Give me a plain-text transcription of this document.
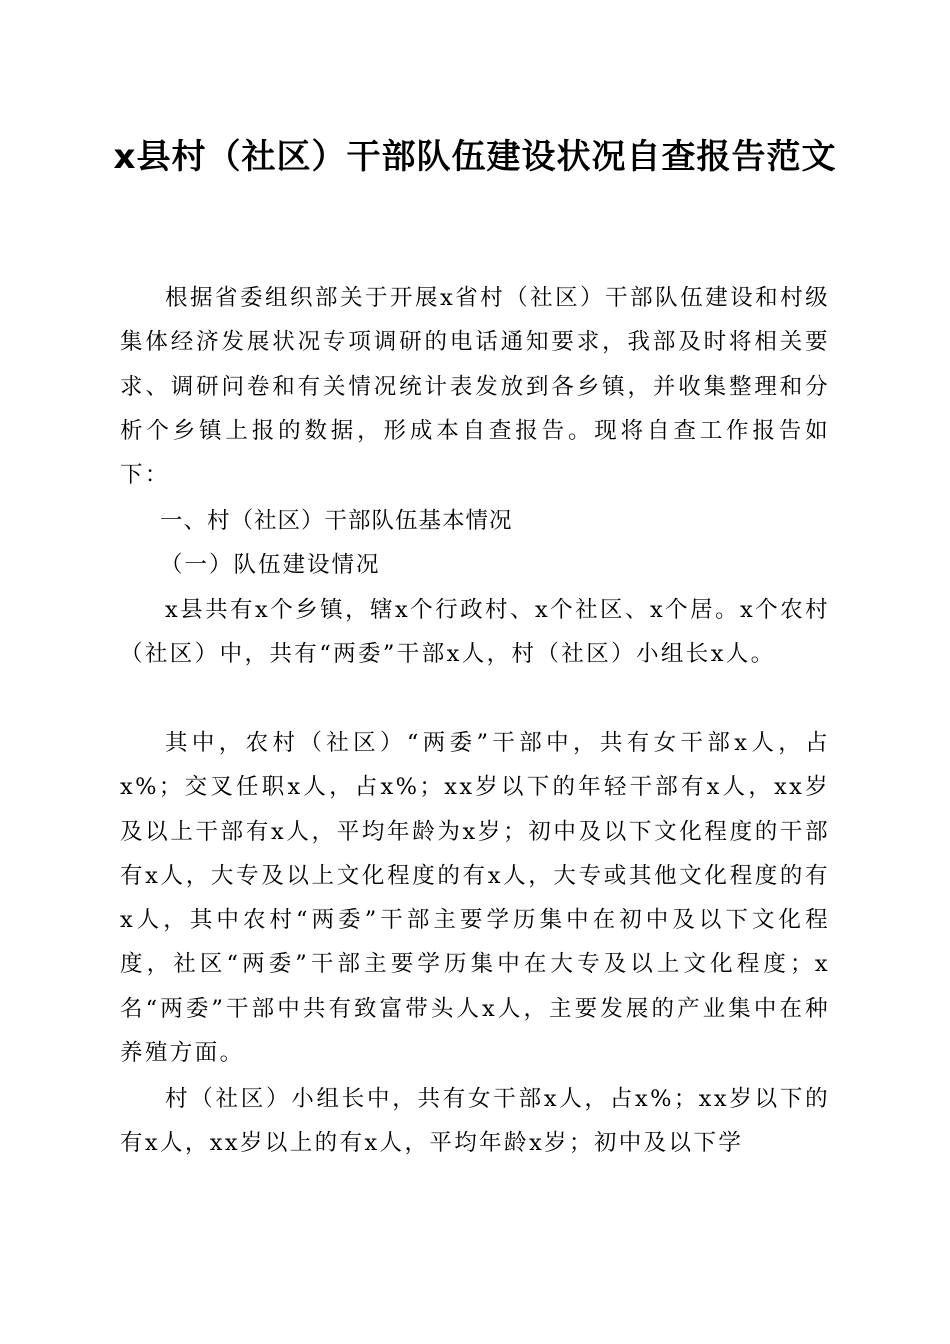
x县村（社区）干部队伍建设状况自查报告范文

根据省委组织部关于开展x省村（社区）干部队伍建设和村级集体经济发展状况专项调研的电话通知要求，我部及时将相关要求、调研问卷和有关情况统计表发放到各乡镇，并收集整理和分析个乡镇上报的数据，形成本自查报告。现将自查工作报告如下：

一、村（社区）干部队伍基本情况

（一）队伍建设情况

x县共有x个乡镇，辖x个行政村、x个社区、x个居。x个农村（社区）中，共有“两委”干部x人，村（社区）小组长x人。

其中，农村（社区）“两委”干部中，共有女干部x人，占x%；交叉任职x人，占x%；xx岁以下的年轻干部有x人，xx岁及以上干部有x人，平均年龄为x岁；初中及以下文化程度的干部有x人，大专及以上文化程度的有x人，大专或其他文化程度的有x人，其中农村“两委”干部主要学历集中在初中及以下文化程度，社区“两委”干部主要学历集中在大专及以上文化程度；x名“两委”干部中共有致富带头人x人，主要发展的产业集中在种养殖方面。

村（社区）小组长中，共有女干部x人，占x%；xx岁以下的有x人，xx岁以上的有x人，平均年龄x岁；初中及以下学
